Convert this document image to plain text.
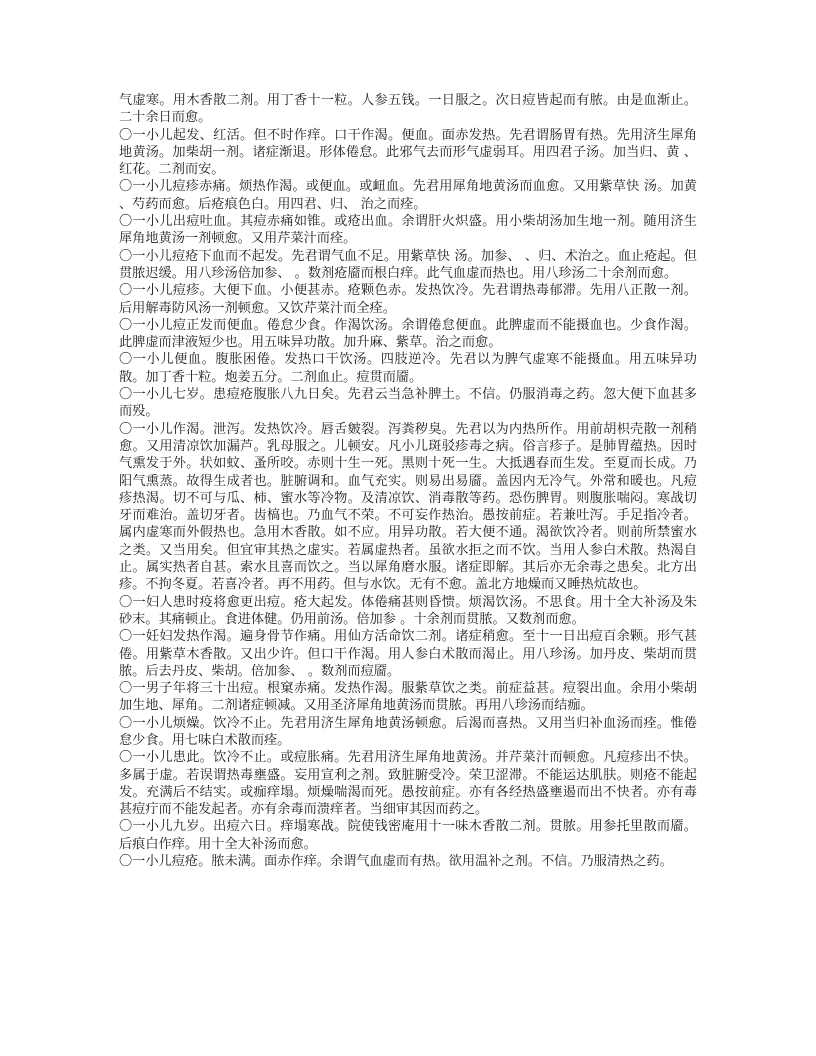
气虚寒。用木香散二剂。用丁香十一粒。人参五钱。一日服之。次日痘皆起而有脓。由是血渐止。二十余日而愈。

〇一小儿起发、红活。但不时作痒。口干作渴。便血。面赤发热。先君谓肠胃有热。先用济生犀角地黄汤。加柴胡一剂。诸症渐退。形体倦怠。此邪气去而形气虚弱耳。用四君子汤。加当归、黄 、红花。二剂而安。

〇一小儿痘疹赤痛。烦热作渴。或便血。或衄血。先君用犀角地黄汤而血愈。又用紫草快 汤。加黄 、芍药而愈。后疮痕色白。用四君、归、 治之而痊。

〇一小儿出痘吐血。其痘赤痛如锥。或疮出血。余谓肝火炽盛。用小柴胡汤加生地一剂。随用济生犀角地黄汤一剂顿愈。又用芹菜汁而痊。

〇一小儿痘疮下血而不起发。先君谓气血不足。用紫草快 汤。加参、 、归、术治之。血止疮起。但贯脓迟缓。用八珍汤倍加参、 。数剂疮靥而根白痒。此气血虚而热也。用八珍汤二十余剂而愈。

〇一小儿痘疹。大便下血。小便甚赤。疮颗色赤。发热饮冷。先君谓热毒郁滞。先用八正散一剂。后用解毒防风汤一剂顿愈。又饮芹菜汁而全痊。

〇一小儿痘正发而便血。倦怠少食。作渴饮汤。余谓倦怠便血。此脾虚而不能摄血也。少食作渴。此脾虚而津液短少也。用五味异功散。加升麻、紫草。治之而愈。

〇一小儿便血。腹胀困倦。发热口干饮汤。四肢逆冷。先君以为脾气虚寒不能摄血。用五味异功散。加丁香十粒。炮姜五分。二剂血止。痘贯而靥。

〇一小儿七岁。患痘疮腹胀八九日矣。先君云当急补脾土。不信。仍服消毒之药。忽大便下血甚多而殁。

〇一小儿作渴。泄泻。发热饮冷。唇舌皴裂。泻粪秽臭。先君以为内热所作。用前胡枳壳散一剂稍愈。又用清凉饮加漏芦。乳母服之。儿顿安。凡小儿斑驳疹毒之病。俗言疹子。是肺胃蕴热。因时气熏发于外。状如蚊、蚤所咬。赤则十生一死。黑则十死一生。大抵遇春而生发。至夏而长成。乃阳气熏蒸。故得生成者也。脏腑调和。血气充实。则易出易靥。盖因内无冷气。外常和暖也。凡痘疹热渴。切不可与瓜、柿、蜜水等冷物。及清凉饮、消毒散等药。恐伤脾胃。则腹胀喘闷。寒战切牙而难治。盖切牙者。齿槁也。乃血气不荣。不可妄作热治。愚按前症。若兼吐泻。手足指冷者。属内虚寒而外假热也。急用木香散。如不应。用异功散。若大便不通。渴欲饮冷者。则前所禁蜜水之类。又当用矣。但宜审其热之虚实。若属虚热者。虽欲水拒之而不饮。当用人参白术散。热渴自止。属实热者自甚。索水且喜而饮之。当以犀角磨水服。诸症即解。其后亦无余毒之患矣。北方出疹。不拘冬夏。若喜冷者。再不用药。但与水饮。无有不愈。盖北方地燥而又睡热炕故也。

〇一妇人患时疫将愈更出痘。疮大起发。体倦痛甚则昏愦。烦渴饮汤。不思食。用十全大补汤及朱砂末。其痛顿止。食进体健。仍用前汤。倍加参 。十余剂而贯脓。又数剂而愈。

〇一妊妇发热作渴。遍身骨节作痛。用仙方活命饮二剂。诸症稍愈。至十一日出痘百余颗。形气甚倦。用紫草木香散。又出少许。但口干作渴。用人参白术散而渴止。用八珍汤。加丹皮、柴胡而贯脓。后去丹皮、柴胡。倍加参、 。数剂而痘靥。

〇一男子年将三十出痘。根窠赤痛。发热作渴。服紫草饮之类。前症益甚。痘裂出血。余用小柴胡加生地、犀角。二剂诸症顿减。又用圣济犀角地黄汤而贯脓。再用八珍汤而结痂。

〇一小儿烦燥。饮冷不止。先君用济生犀角地黄汤顿愈。后渴而喜热。又用当归补血汤而痊。惟倦怠少食。用七味白术散而痊。

〇一小儿患此。饮冷不止。或痘胀痛。先君用济生犀角地黄汤。并芹菜汁而顿愈。凡痘疹出不快。多属于虚。若误谓热毒壅盛。妄用宣利之剂。致脏腑受冷。荣卫涩滞。不能运达肌肤。则疮不能起发。充满后不结实。或痂痒塌。烦燥喘渴而死。愚按前症。亦有各经热盛壅遏而出不快者。亦有毒甚痘疔而不能发起者。亦有余毒而溃痒者。当细审其因而药之。

〇一小儿九岁。出痘六日。痒塌寒战。院使钱密庵用十一味木香散二剂。贯脓。用参托里散而靥。后痕白作痒。用十全大补汤而愈。

〇一小儿痘疮。脓未满。面赤作痒。余谓气血虚而有热。欲用温补之剂。不信。乃服清热之药。
